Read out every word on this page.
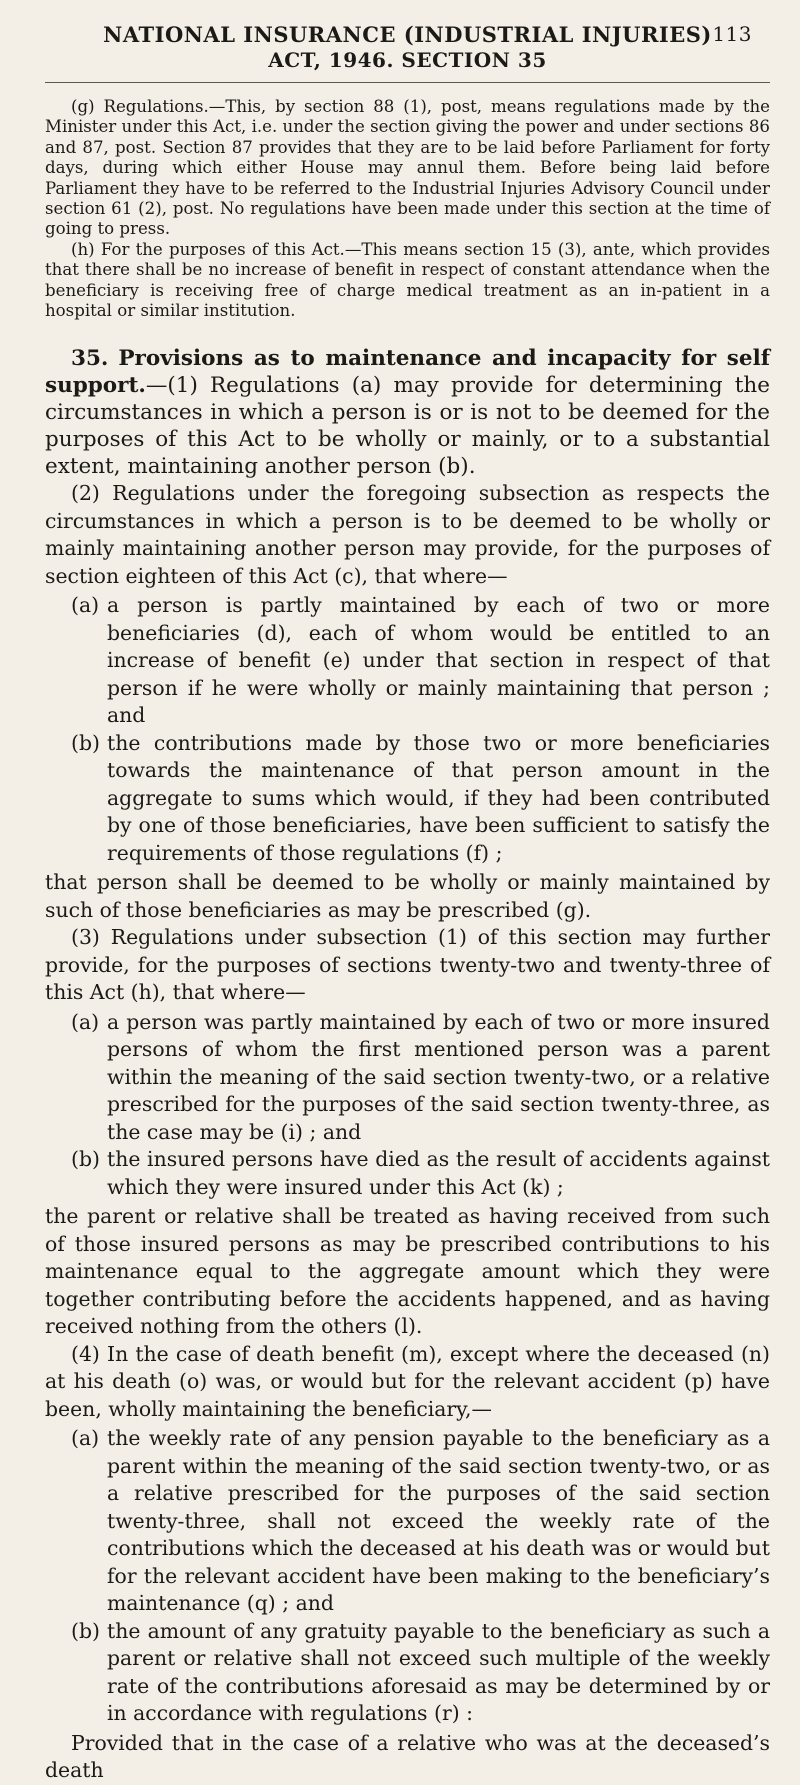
NATIONAL INSURANCE (INDUSTRIAL INJURIES) 113
ACT, 1946. SECTION 35

(g) Regulations.—This, by section 88 (1), post, means regulations made by the Minister under this Act, i.e. under the section giving the power and under sections 86 and 87, post. Section 87 provides that they are to be laid before Parliament for forty days, during which either House may annul them. Before being laid before Parliament they have to be referred to the Industrial Injuries Advisory Council under section 61 (2), post. No regulations have been made under this section at the time of going to press.

(h) For the purposes of this Act.—This means section 15 (3), ante, which provides that there shall be no increase of benefit in respect of constant attendance when the beneficiary is receiving free of charge medical treatment as an in-patient in a hospital or similar institution.

35. Provisions as to maintenance and incapacity for self support.—(1) Regulations (a) may provide for determining the circumstances in which a person is or is not to be deemed for the purposes of this Act to be wholly or mainly, or to a substantial extent, maintaining another person (b).

(2) Regulations under the foregoing subsection as respects the circumstances in which a person is to be deemed to be wholly or mainly maintaining another person may provide, for the purposes of section eighteen of this Act (c), that where—

(a) a person is partly maintained by each of two or more beneficiaries (d), each of whom would be entitled to an increase of benefit (e) under that section in respect of that person if he were wholly or mainly maintaining that person ; and
(b) the contributions made by those two or more beneficiaries towards the maintenance of that person amount in the aggregate to sums which would, if they had been contributed by one of those beneficiaries, have been sufficient to satisfy the requirements of those regulations (f) ;

that person shall be deemed to be wholly or mainly maintained by such of those beneficiaries as may be prescribed (g).

(3) Regulations under subsection (1) of this section may further provide, for the purposes of sections twenty-two and twenty-three of this Act (h), that where—

(a) a person was partly maintained by each of two or more insured persons of whom the first mentioned person was a parent within the meaning of the said section twenty-two, or a relative prescribed for the purposes of the said section twenty-three, as the case may be (i) ; and
(b) the insured persons have died as the result of accidents against which they were insured under this Act (k) ;

the parent or relative shall be treated as having received from such of those insured persons as may be prescribed contributions to his maintenance equal to the aggregate amount which they were together contributing before the accidents happened, and as having received nothing from the others (l).

(4) In the case of death benefit (m), except where the deceased (n) at his death (o) was, or would but for the relevant accident (p) have been, wholly maintaining the beneficiary,—

(a) the weekly rate of any pension payable to the beneficiary as a parent within the meaning of the said section twenty-two, or as a relative prescribed for the purposes of the said section twenty-three, shall not exceed the weekly rate of the contributions which the deceased at his death was or would but for the relevant accident have been making to the beneficiary’s maintenance (q) ; and
(b) the amount of any gratuity payable to the beneficiary as such a parent or relative shall not exceed such multiple of the weekly rate of the contributions aforesaid as may be determined by or in accordance with regulations (r) :

Provided that in the case of a relative who was at the deceased’s death
